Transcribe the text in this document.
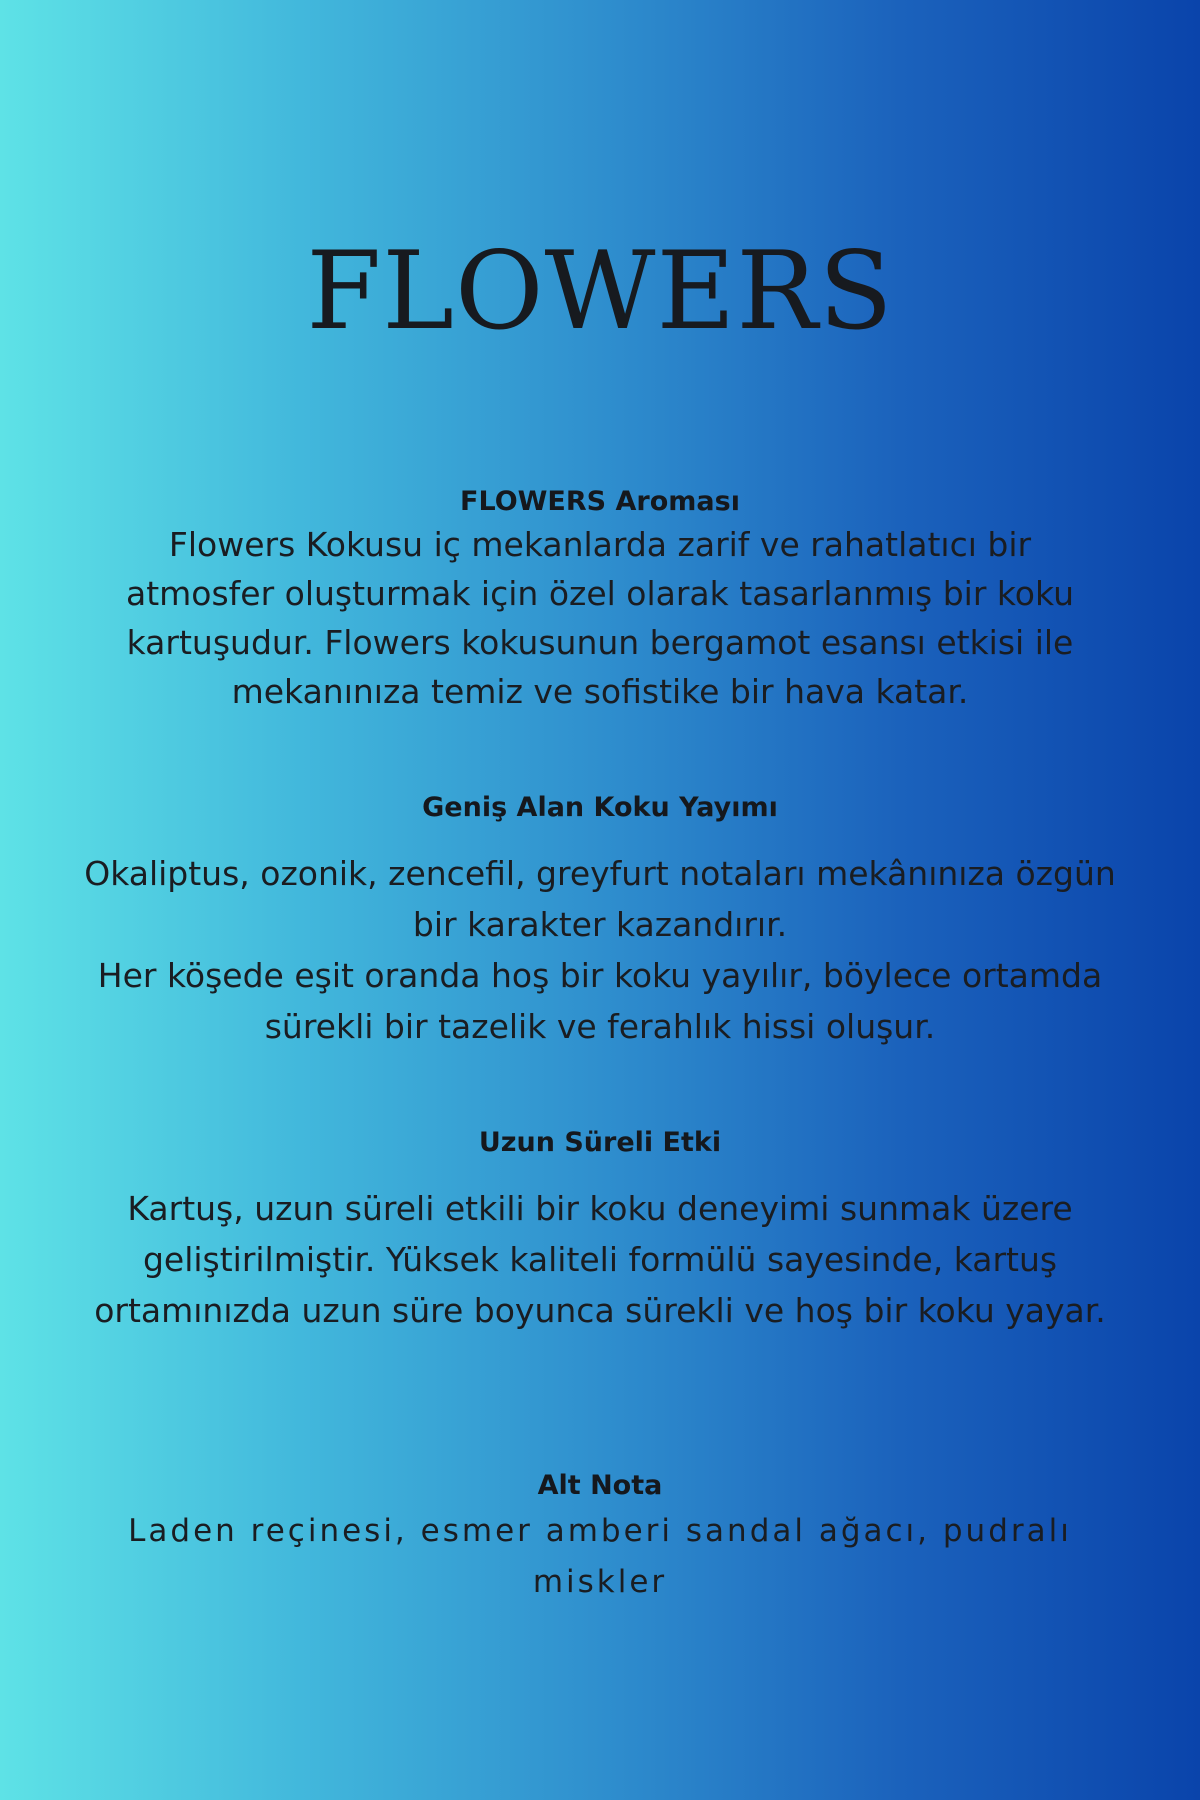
FLOWERS
FLOWERS Aroması

Flowers Kokusu iç mekanlarda zarif ve rahatlatıcı bir
atmosfer oluşturmak için özel olarak tasarlanmış bir koku
kartuşudur. Flowers kokusunun bergamot esansı etkisi ile
mekanınıza temiz ve sofistike bir hava katar.

Geniş Alan Koku Yayımı

Okaliptus, ozonik, zencefil, greyfurt notaları mekânınıza özgün
bir karakter kazandırır.
Her köşede eşit oranda hoş bir koku yayılır, böylece ortamda
sürekli bir tazelik ve ferahlık hissi oluşur.

Uzun Süreli Etki

Kartuş, uzun süreli etkili bir koku deneyimi sunmak üzere
geliştirilmiştir. Yüksek kaliteli formülü sayesinde, kartuş
ortamınızda uzun süre boyunca sürekli ve hoş bir koku yayar.

Alt Nota

Laden reçinesi, esmer amberi sandal ağacı, pudralı
miskler
